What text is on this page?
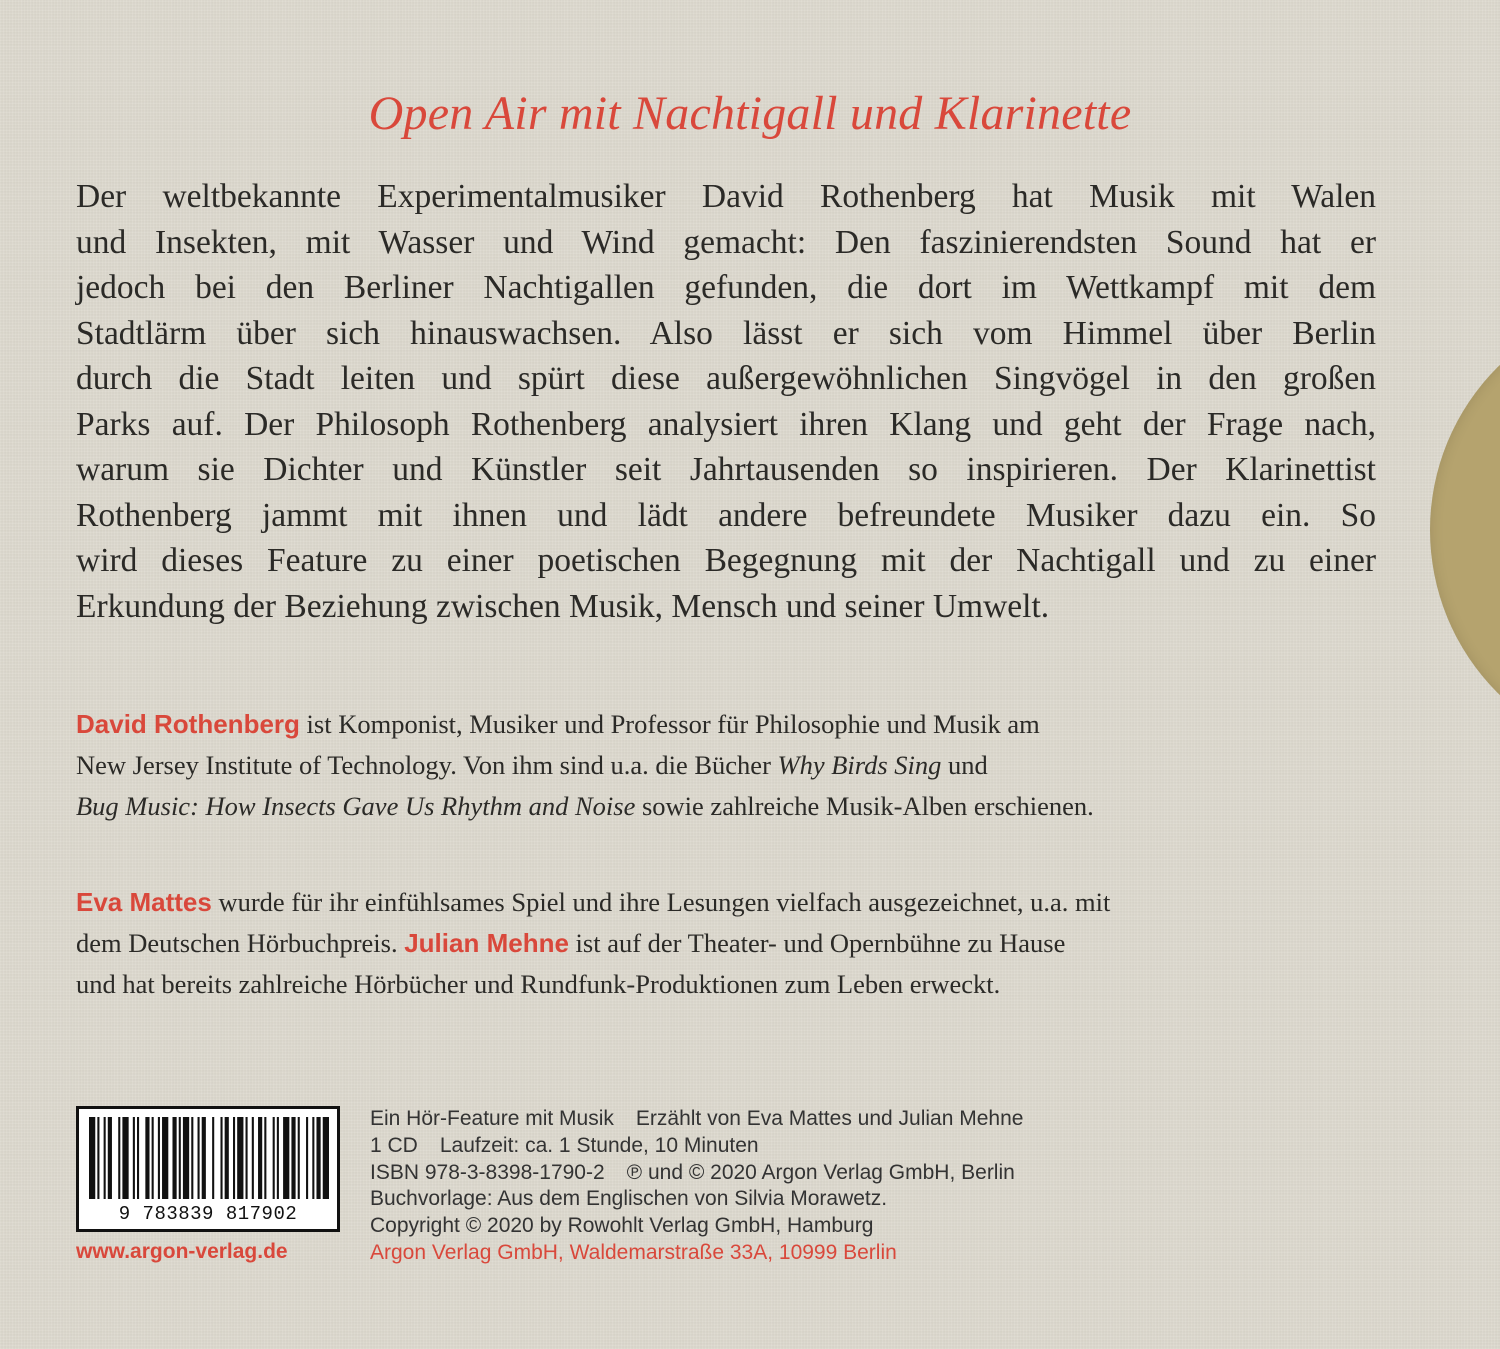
Open Air mit Nachtigall und Klarinette

Der weltbekannte Experimentalmusiker David Rothenberg hat Musik mit Walen
und Insekten, mit Wasser und Wind gemacht: Den faszinierendsten Sound hat er
jedoch bei den Berliner Nachtigallen gefunden, die dort im Wettkampf mit dem
Stadtlärm über sich hinauswachsen. Also lässt er sich vom Himmel über Berlin
durch die Stadt leiten und spürt diese außergewöhnlichen Singvögel in den großen
Parks auf. Der Philosoph Rothenberg analysiert ihren Klang und geht der Frage nach,
warum sie Dichter und Künstler seit Jahrtausenden so inspirieren. Der Klarinettist
Rothenberg jammt mit ihnen und lädt andere befreundete Musiker dazu ein. So
wird dieses Feature zu einer poetischen Begegnung mit der Nachtigall und zu einer
Erkundung der Beziehung zwischen Musik, Mensch und seiner Umwelt.

David Rothenberg ist Komponist, Musiker und Professor für Philosophie und Musik am
New Jersey Institute of Technology. Von ihm sind u.a. die Bücher Why Birds Sing und
Bug Music: How Insects Gave Us Rhythm and Noise sowie zahlreiche Musik-Alben erschienen.

Eva Mattes wurde für ihr einfühlsames Spiel und ihre Lesungen vielfach ausgezeichnet, u.a. mit
dem Deutschen Hörbuchpreis. Julian Mehne ist auf der Theater- und Opernbühne zu Hause
und hat bereits zahlreiche Hörbücher und Rundfunk-Produktionen zum Leben erweckt.

9 783839 817902
www.argon-verlag.de
Ein Hör-Feature mit Musik Erzählt von Eva Mattes und Julian Mehne
1 CD Laufzeit: ca. 1 Stunde, 10 Minuten
ISBN 978-3-8398-1790-2 ℗ und © 2020 Argon Verlag GmbH, Berlin
Buchvorlage: Aus dem Englischen von Silvia Morawetz.
Copyright © 2020 by Rowohlt Verlag GmbH, Hamburg
Argon Verlag GmbH, Waldemarstraße 33A, 10999 Berlin
